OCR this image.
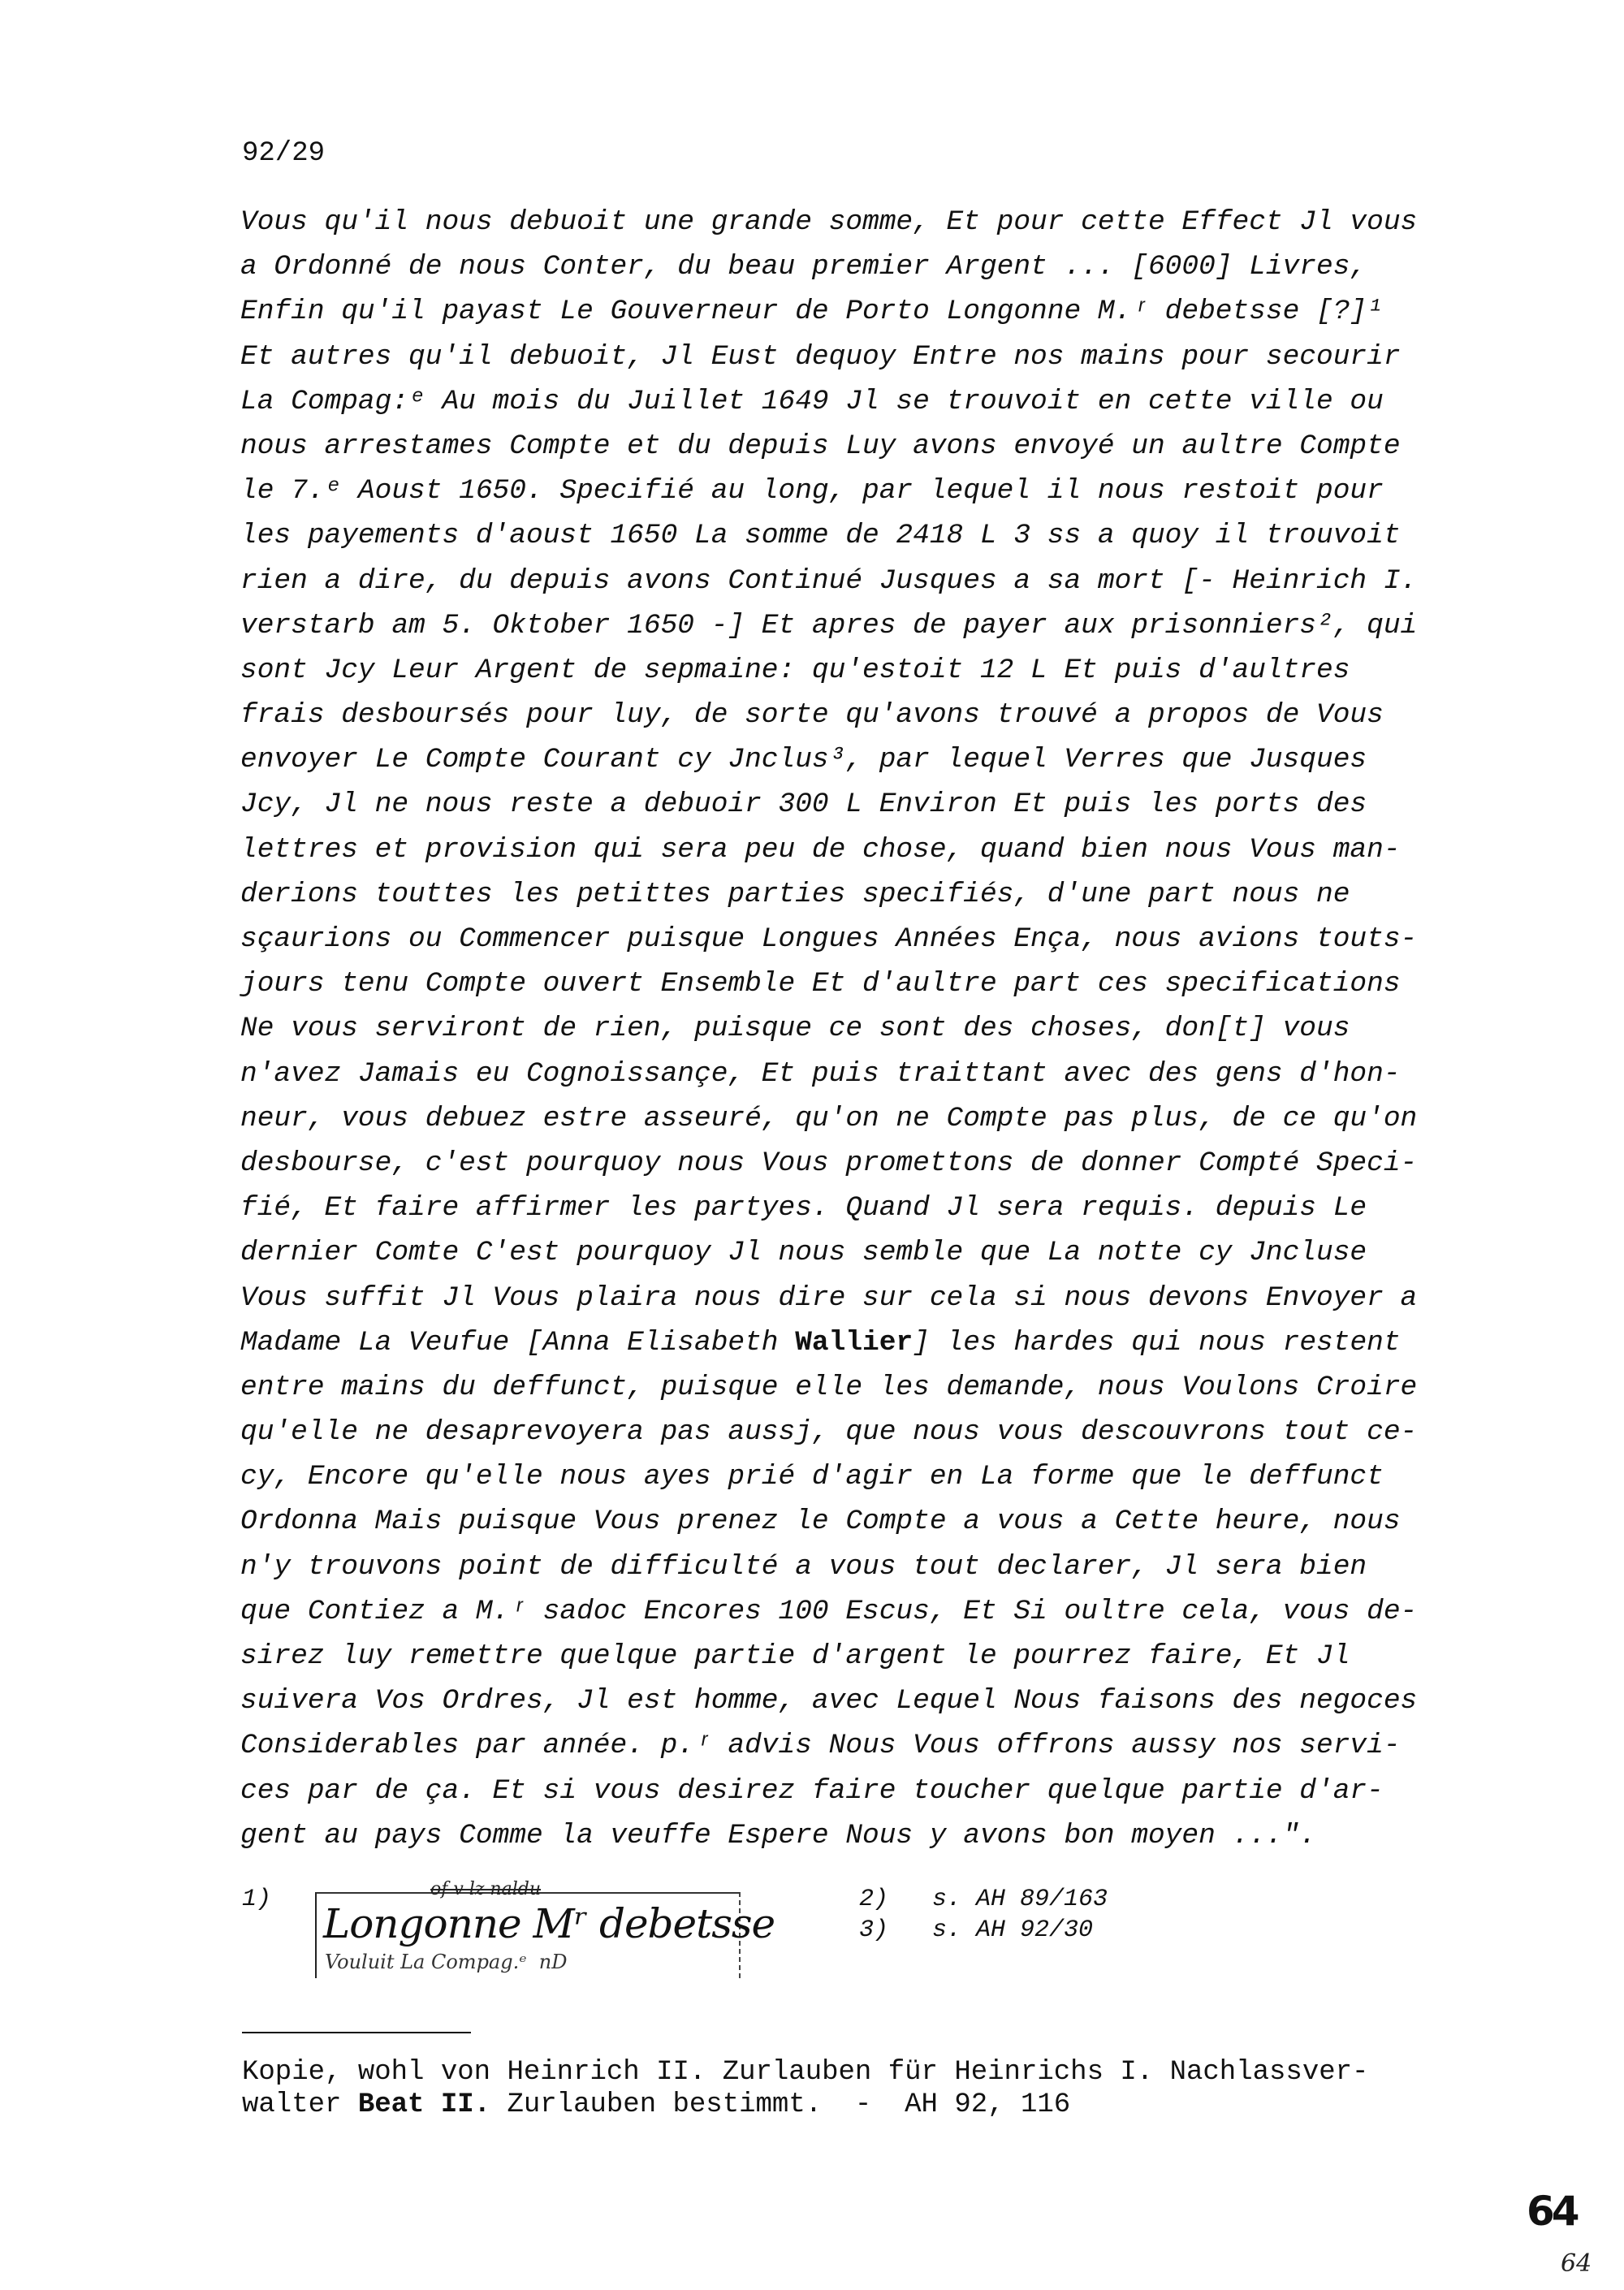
92/29
Vous qu'il nous debuoit une grande somme, Et pour cette Effect Jl vous
a Ordonné de nous Conter, du beau premier Argent ... [6000] Livres,
Enfin qu'il payast Le Gouverneur de Porto Longonne M.ʳ debetsse [?]¹
Et autres qu'il debuoit, Jl Eust dequoy Entre nos mains pour secourir
La Compag:ᵉ Au mois du Juillet 1649 Jl se trouvoit en cette ville ou
nous arrestames Compte et du depuis Luy avons envoyé un aultre Compte
le 7.ᵉ Aoust 1650. Specifié au long, par lequel il nous restoit pour
les payements d'aoust 1650 La somme de 2418 L 3 ss a quoy il trouvoit
rien a dire, du depuis avons Continué Jusques a sa mort [- Heinrich I.
verstarb am 5. Oktober 1650 -] Et apres de payer aux prisonniers², qui
sont Jcy Leur Argent de sepmaine: qu'estoit 12 L Et puis d'aultres
frais desboursés pour luy, de sorte qu'avons trouvé a propos de Vous
envoyer Le Compte Courant cy Jnclus³, par lequel Verres que Jusques
Jcy, Jl ne nous reste a debuoir 300 L Environ Et puis les ports des
lettres et provision qui sera peu de chose, quand bien nous Vous man-
derions touttes les petittes parties specifiés, d'une part nous ne
sçaurions ou Commencer puisque Longues Années Ença, nous avions touts-
jours tenu Compte ouvert Ensemble Et d'aultre part ces specifications
Ne vous serviront de rien, puisque ce sont des choses, don[t] vous
n'avez Jamais eu Cognoissançe, Et puis traittant avec des gens d'hon-
neur, vous debuez estre asseuré, qu'on ne Compte pas plus, de ce qu'on
desbourse, c'est pourquoy nous Vous promettons de donner Compté Speci-
fié, Et faire affirmer les partyes. Quand Jl sera requis. depuis Le
dernier Comte C'est pourquoy Jl nous semble que La notte cy Jncluse
Vous suffit Jl Vous plaira nous dire sur cela si nous devons Envoyer a
Madame La Veufue [Anna Elisabeth Wallier] les hardes qui nous restent
entre mains du deffunct, puisque elle les demande, nous Voulons Croire
qu'elle ne desaprevoyera pas aussj, que nous vous descouvrons tout ce-
cy, Encore qu'elle nous ayes prié d'agir en La forme que le deffunct
Ordonna Mais puisque Vous prenez le Compte a vous a Cette heure, nous
n'y trouvons point de difficulté a vous tout declarer, Jl sera bien
que Contiez a M.ʳ sadoc Encores 100 Escus, Et Si oultre cela, vous de-
sirez luy remettre quelque partie d'argent le pourrez faire, Et Jl
suivera Vos Ordres, Jl est homme, avec Lequel Nous faisons des negoces
Considerables par année. p.ʳ advis Nous Vous offrons aussy nos servi-
ces par de ça. Et si vous desirez faire toucher quelque partie d'ar-
gent au pays Comme la veuffe Espere Nous y avons bon moyen ...".
1)	of v lz naldu
Longonne Mʳ debetsse
Vouluit La Compag.ᵉ  nD
2)   s. AH 89/163
3)   s. AH 92/30
Kopie, wohl von Heinrich II. Zurlauben für Heinrichs I. Nachlassver-
walter Beat II. Zurlauben bestimmt.  -  AH 92, 116
64
64
